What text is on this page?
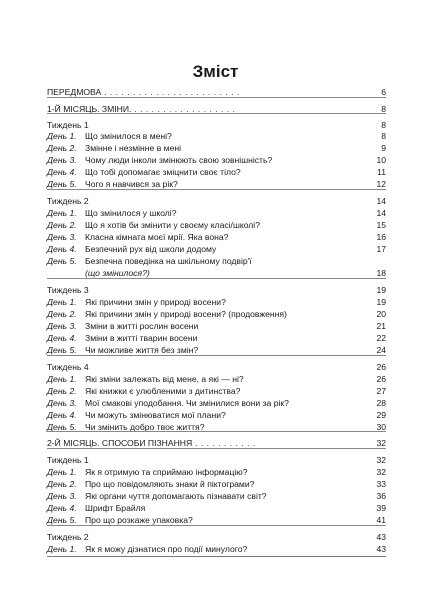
Зміст
ПЕРЕДМОВА . . . . . . . . . . . . . . . . . . . . . . . .	6
1-Й МІСЯЦЬ. ЗМІНИ. . . . . . . . . . . . . . . . . . .	8
Тиждень 1	8
День 1. Що змінилося в мені?	8
День 2. Змінне і незмінне в мені	9
День 3. Чому люди інколи змінюють свою зовнішність?	10
День 4. Що тобі допомагає зміцнити своє тіло?	11
День 5. Чого я навчився за рік?	12
Тиждень 2	14
День 1. Що змінилося у школі?	14
День 2. Що я хотів би змінити у своєму класі/школі?	15
День 3. Класна кімната моєї мрії. Яка вона?	16
День 4. Безпечний рух від школи додому	17
День 5. Безпечна поведінка на шкільному подвір'ї
(що змінилося?)	18
Тиждень 3	19
День 1. Які причини змін у природі восени?	19
День 2. Які причини змін у природі восени? (продовження)	20
День 3. Зміни в житті рослин восени	21
День 4. Зміни в житті тварин восени	22
День 5. Чи можливе життя без змін?	24
Тиждень 4	26
День 1. Які зміни залежать від мене, а які — ні?	26
День 2. Які книжки є улюбленими з дитинства?	27
День 3. Мої смакові уподобання. Чи змінилися вони за рік?	28
День 4. Чи можуть змінюватися мої плани?	29
День 5. Чи змінить добро твоє життя?	30
2-Й МІСЯЦЬ. СПОСОБИ ПІЗНАННЯ . . . . . . . . . . .	32
Тиждень 1	32
День 1. Як я отримую та сприймаю інформацію?	32
День 2. Про що повідомляють знаки й піктограми?	33
День 3. Які органи чуття допомагають пізнавати світ?	36
День 4. Шрифт Брайля	39
День 5. Про що розкаже упаковка?	41
Тиждень 2	43
День 1. Як я можу дізнатися про події минулого?	43
